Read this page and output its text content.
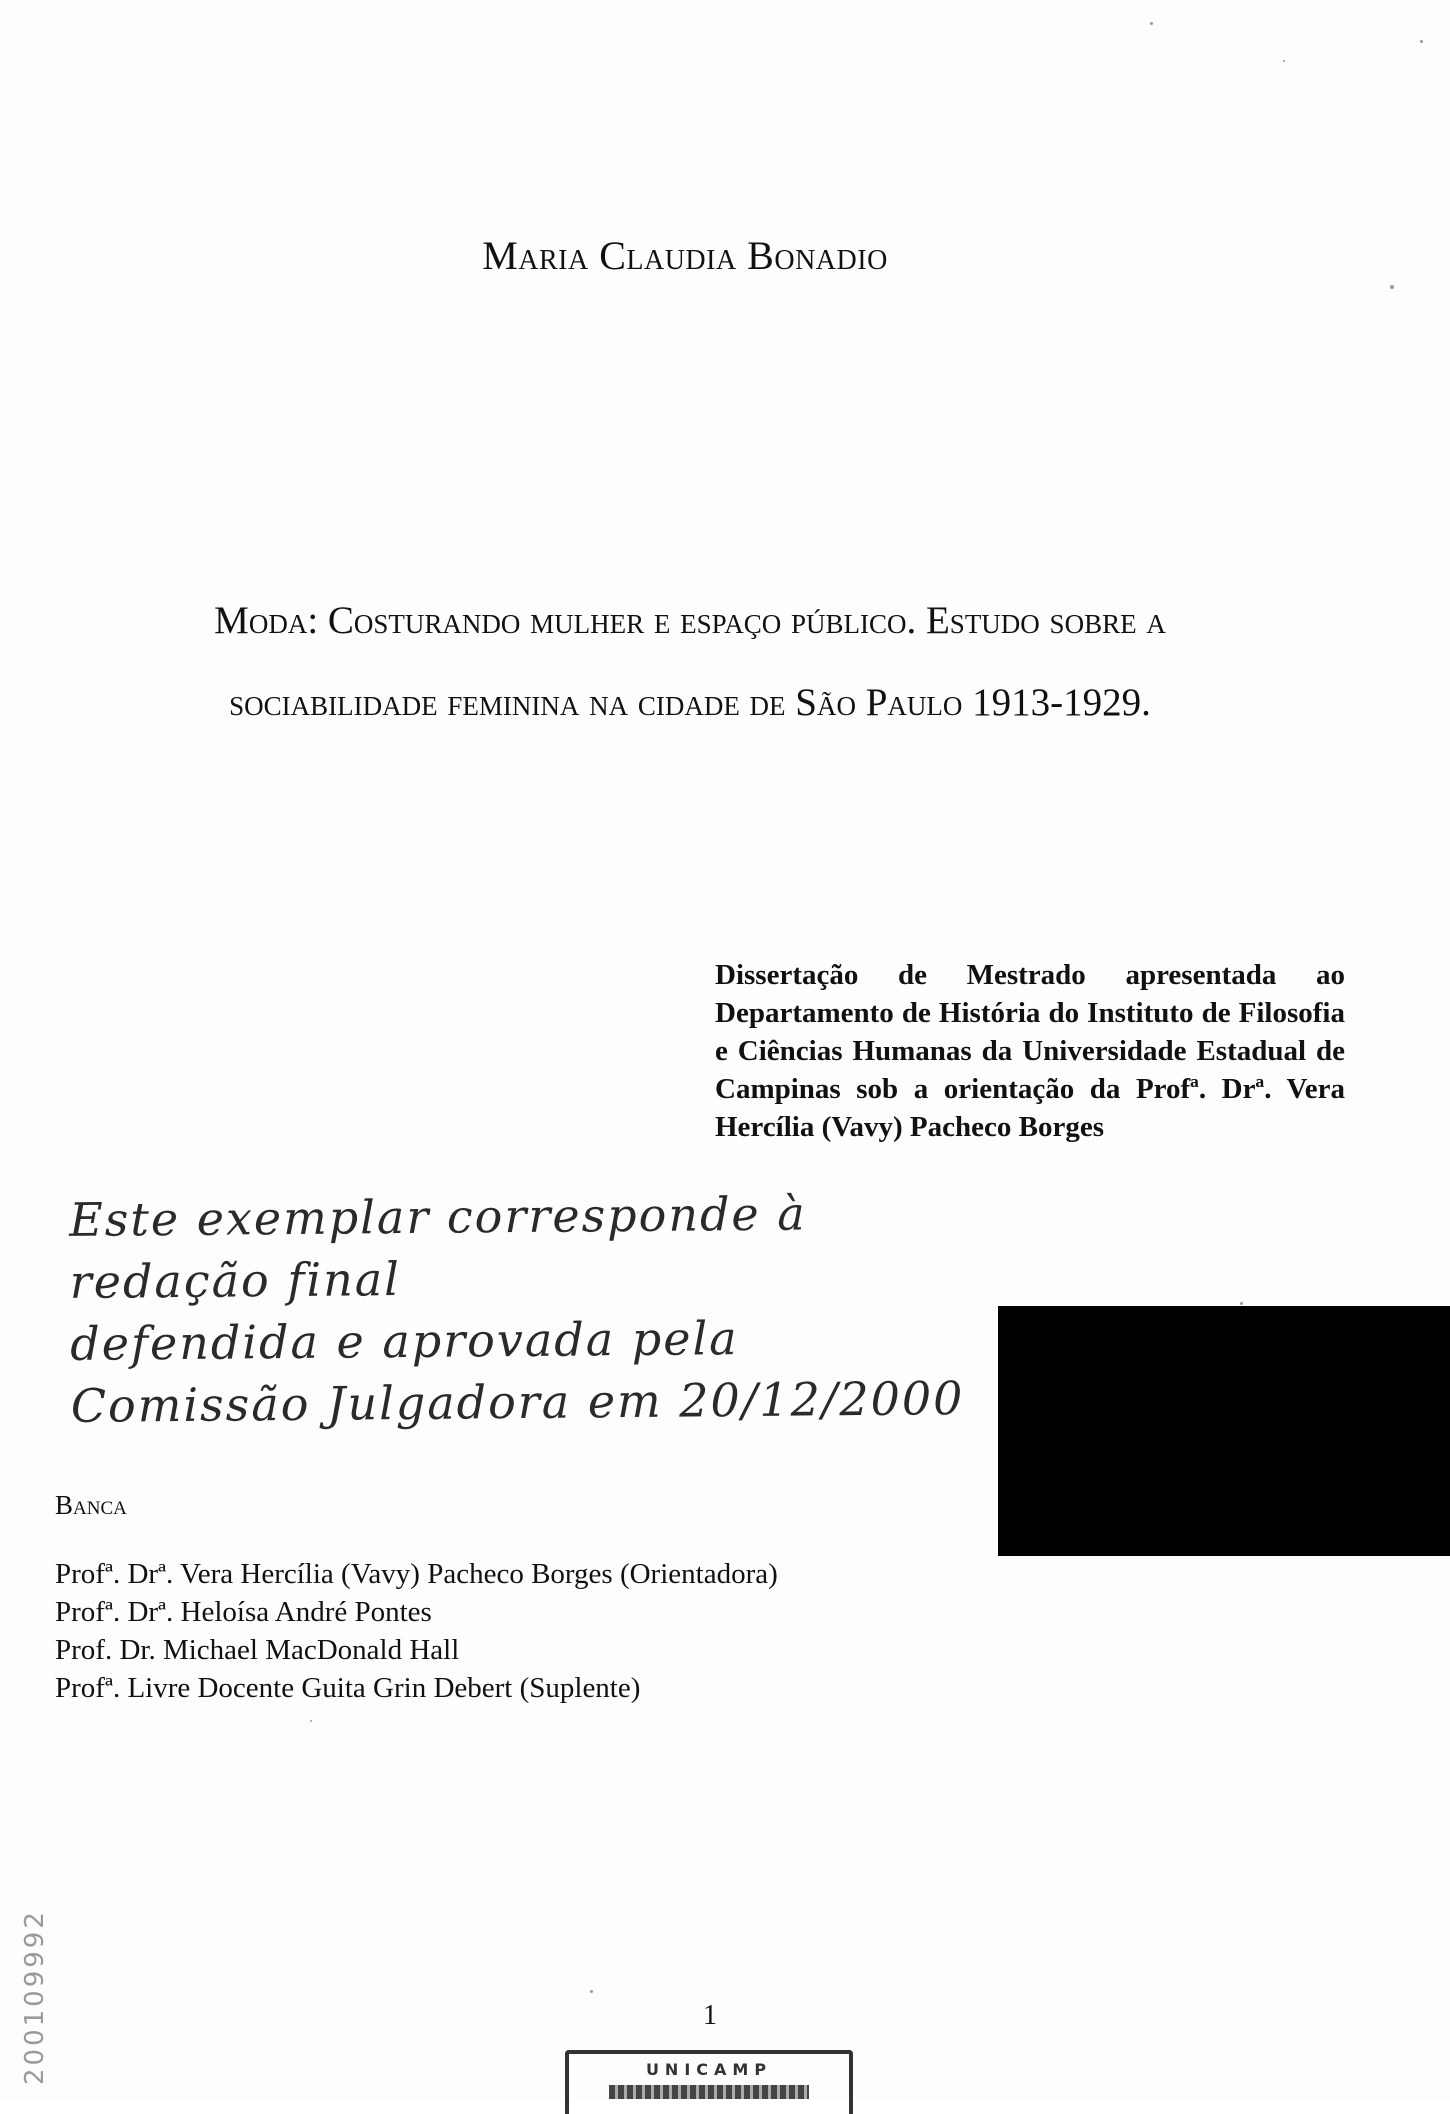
Maria Claudia Bonadio
Moda: Costurando mulher e espaço público. Estudo sobre a
sociabilidade feminina na cidade de São Paulo 1913-1929.
Dissertação de Mestrado apresentada ao Departamento de História do Instituto de Filosofia e Ciências Humanas da Universidade Estadual de Campinas sob a orientação da Profª. Drª. Vera Hercília (Vavy) Pacheco Borges
Este exemplar corresponde à redação final
defendida e aprovada pela
Comissão Julgadora em 20/12/2000
Banca
Profª. Drª. Vera Hercília (Vavy) Pacheco Borges (Orientadora)
Profª. Drª. Heloísa André Pontes
Prof. Dr. Michael MacDonald Hall
Profª. Livre Docente Guita Grin Debert (Suplente)
200109992	1
UNICAMP
